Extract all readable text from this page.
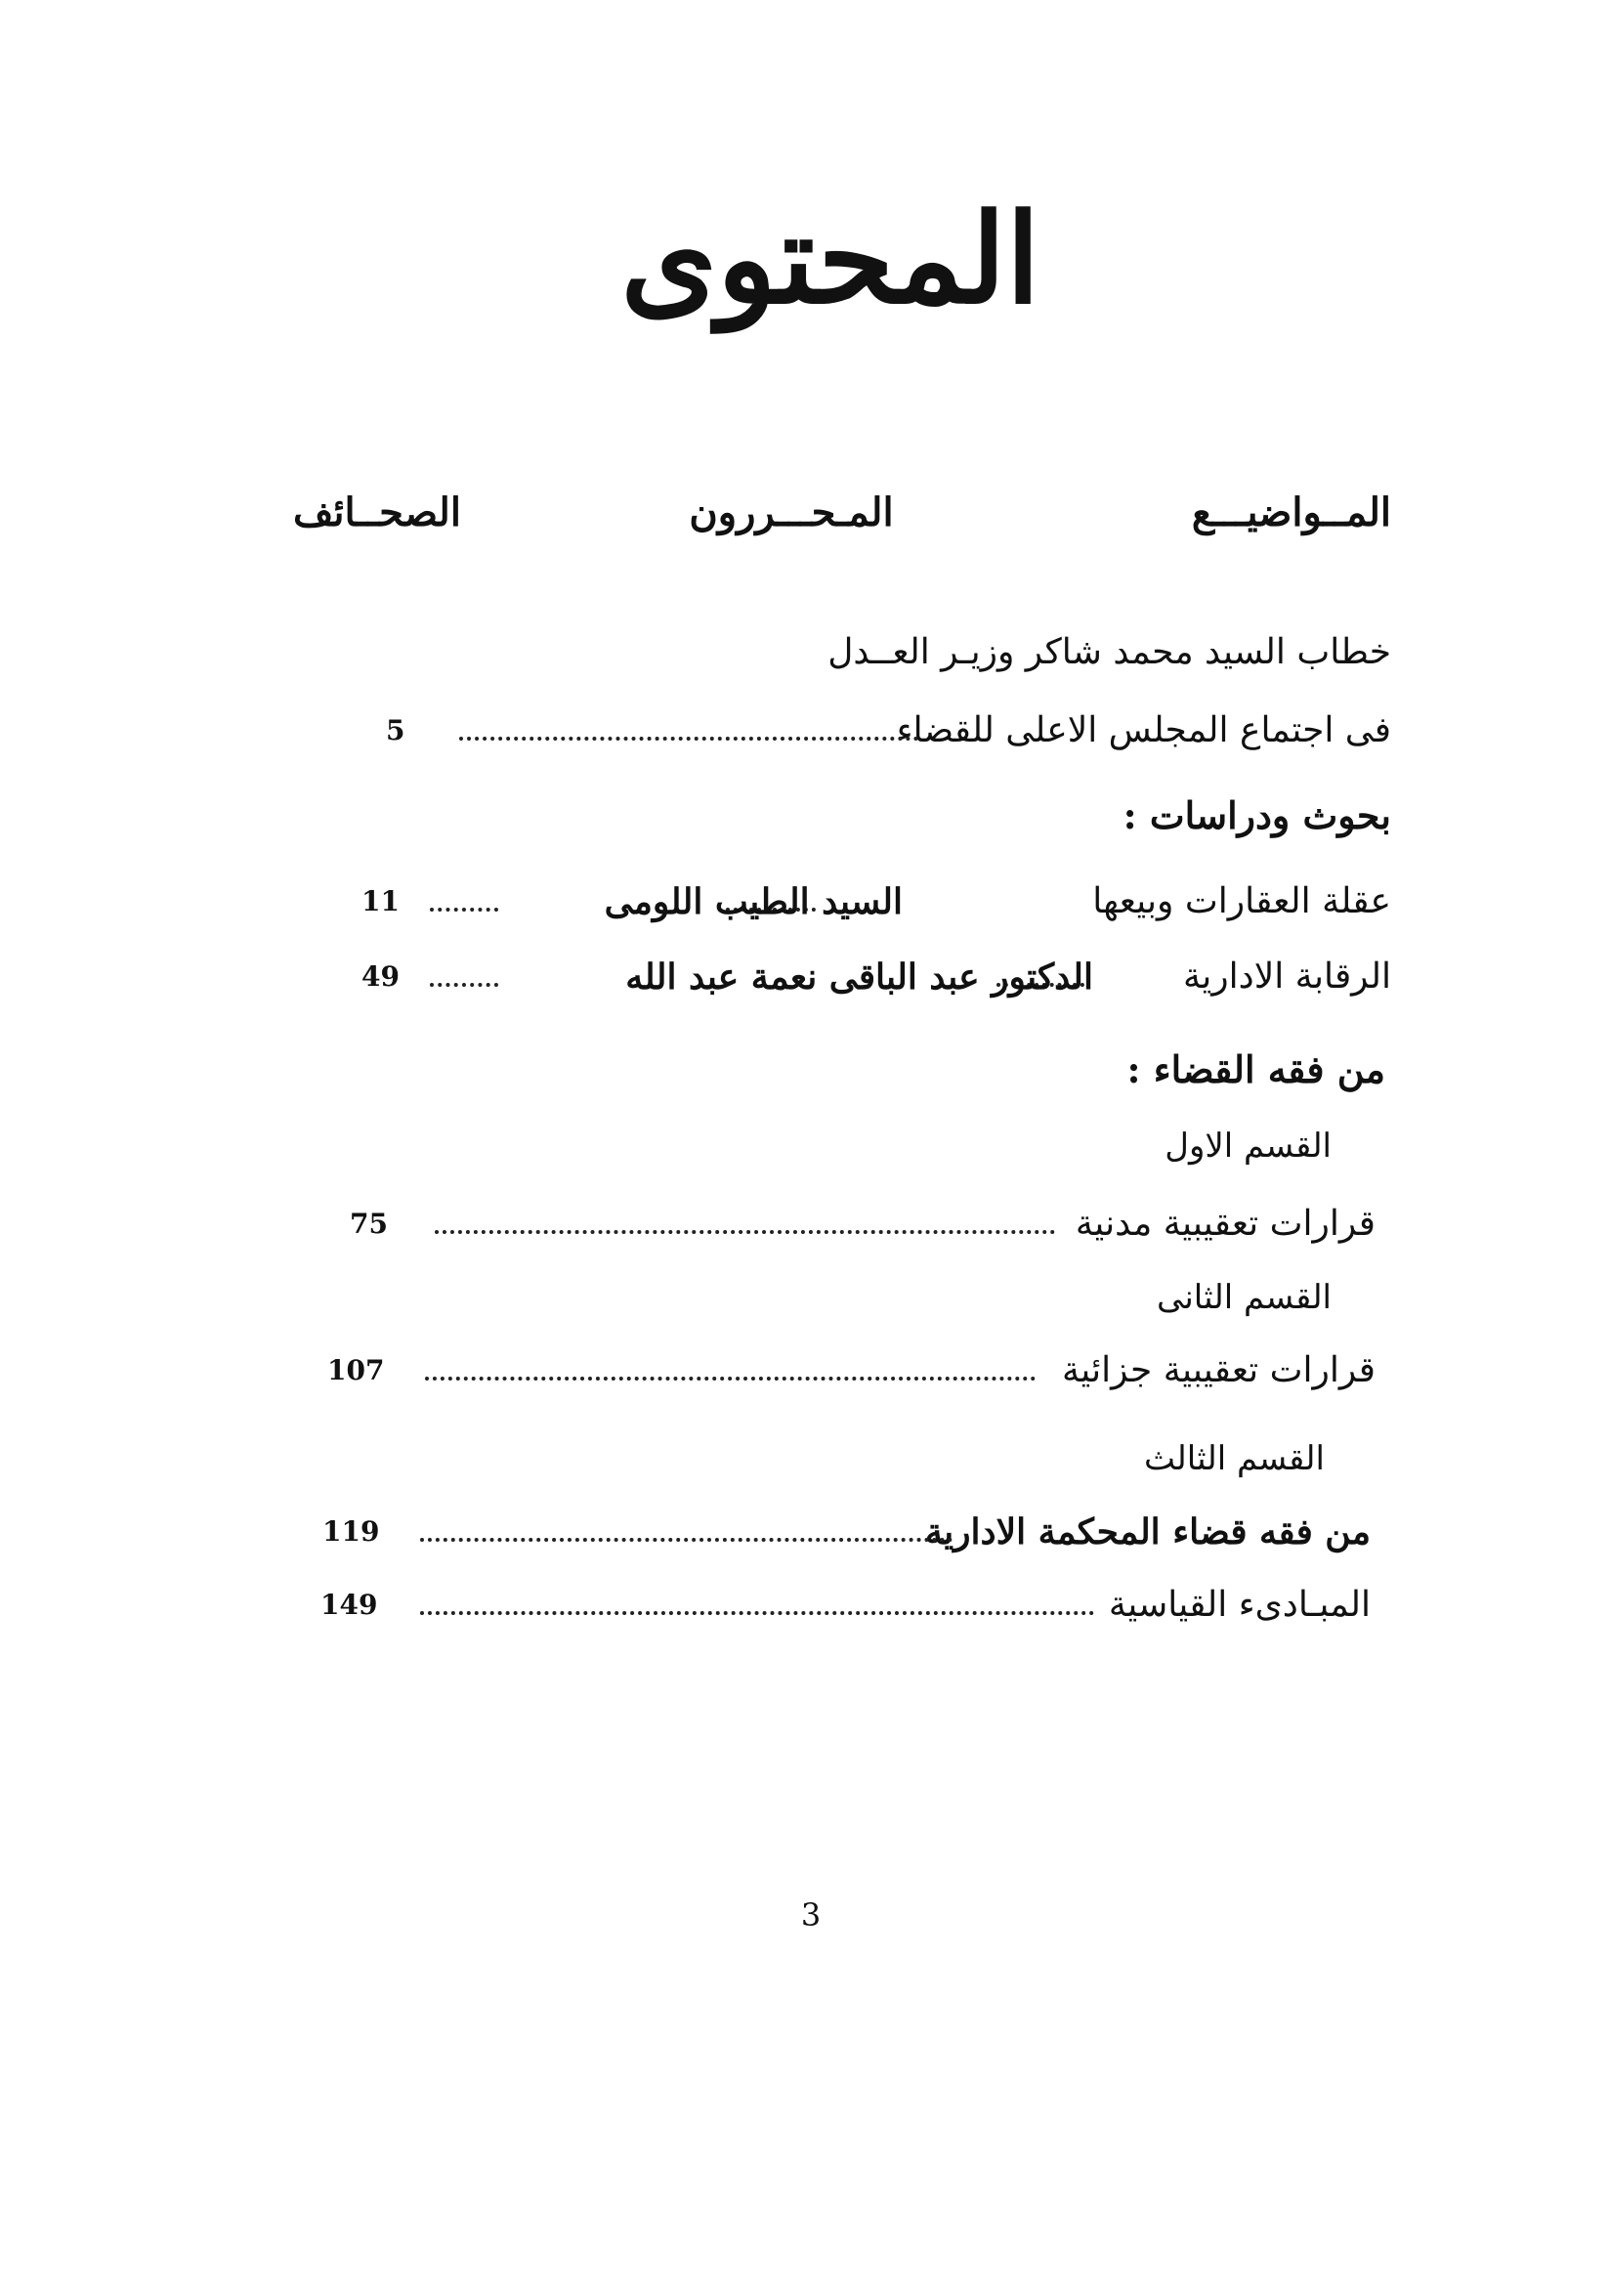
المحتوى
المــواضيـــع
المـحـــررون
الصحــائف
خطاب السيد محمد شاكر وزيـر العــدل
فى اجتماع المجلس الاعلى للقضاء
5
بحوث ودراسات :
عقلة العقارات وبيعها
السيد الطيب اللومى
11
الرقابة الادارية
الدكتور عبد الباقى نعمة عبد الله
49
من فقه القضاء :
القسم الاول
قرارات تعقيبية مدنية
75
القسم الثانى
قرارات تعقيبية جزائية
107
القسم الثالث
من فقه قضاء المحكمة الادارية
119
المبـادىء القياسية
149
3
